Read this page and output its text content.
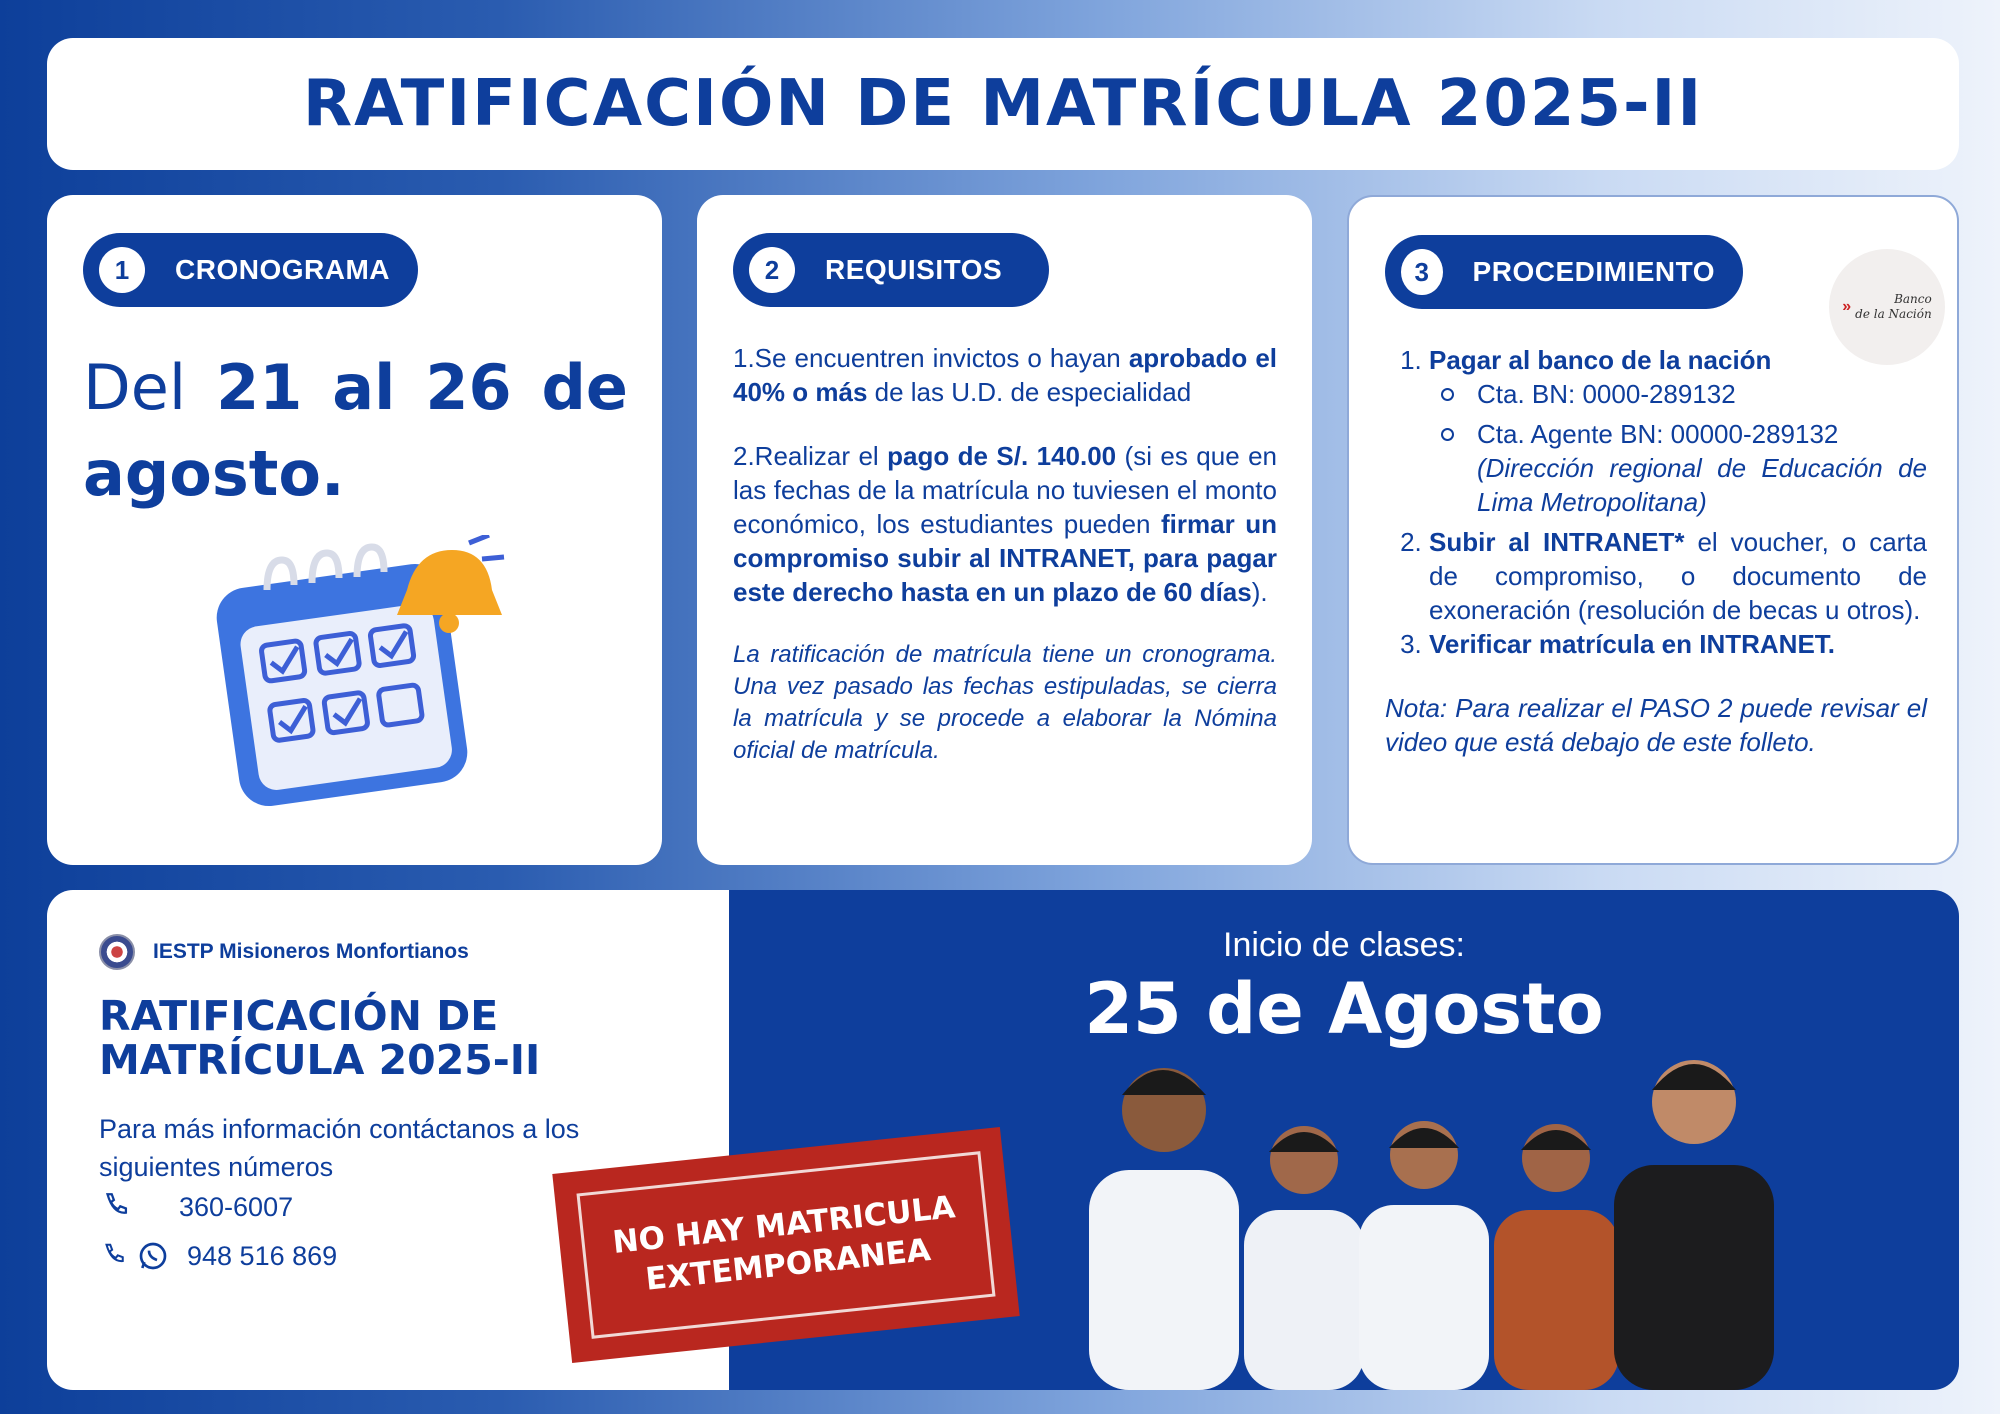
RATIFICACIÓN DE MATRÍCULA 2025-II
1	CRONOGRAMA
Del 21 al 26 de
agosto.
2	REQUISITOS

1.Se encuentren invictos o hayan aprobado el 40% o más de las U.D. de especialidad

2.Realizar el pago de S/. 140.00 (si es que en las fechas de la matrícula no tuviesen el monto económico, los estudiantes pueden firmar un compromiso subir al INTRANET, para pagar este derecho hasta en un plazo de 60 días).

La ratificación de matrícula tiene un cronograma. Una vez pasado las fechas estipuladas, se cierra la matrícula y se procede a elaborar la Nómina oficial de matrícula.

3	PROCEDIMIENTO
»	Banco
de la Nación
1. Pagar al banco de la nación
Cta. BN: 0000-289132
Cta. Agente BN: 00000-289132
(Dirección regional de Educación de Lima Metropolitana)
2. Subir al INTRANET* el voucher, o carta de compromiso, o documento de exoneración (resolución de becas u otros).
3. Verificar matrícula en INTRANET.

Nota: Para realizar el PASO 2 puede revisar el video que está debajo de este folleto.

IESTP Misioneros Monfortianos
RATIFICACIÓN DE MATRÍCULA 2025-II
Para más información contáctanos a los siguientes números
360-6007
948 516 869
Inicio de clases:
25 de Agosto
NO HAY MATRICULA EXTEMPORANEA
